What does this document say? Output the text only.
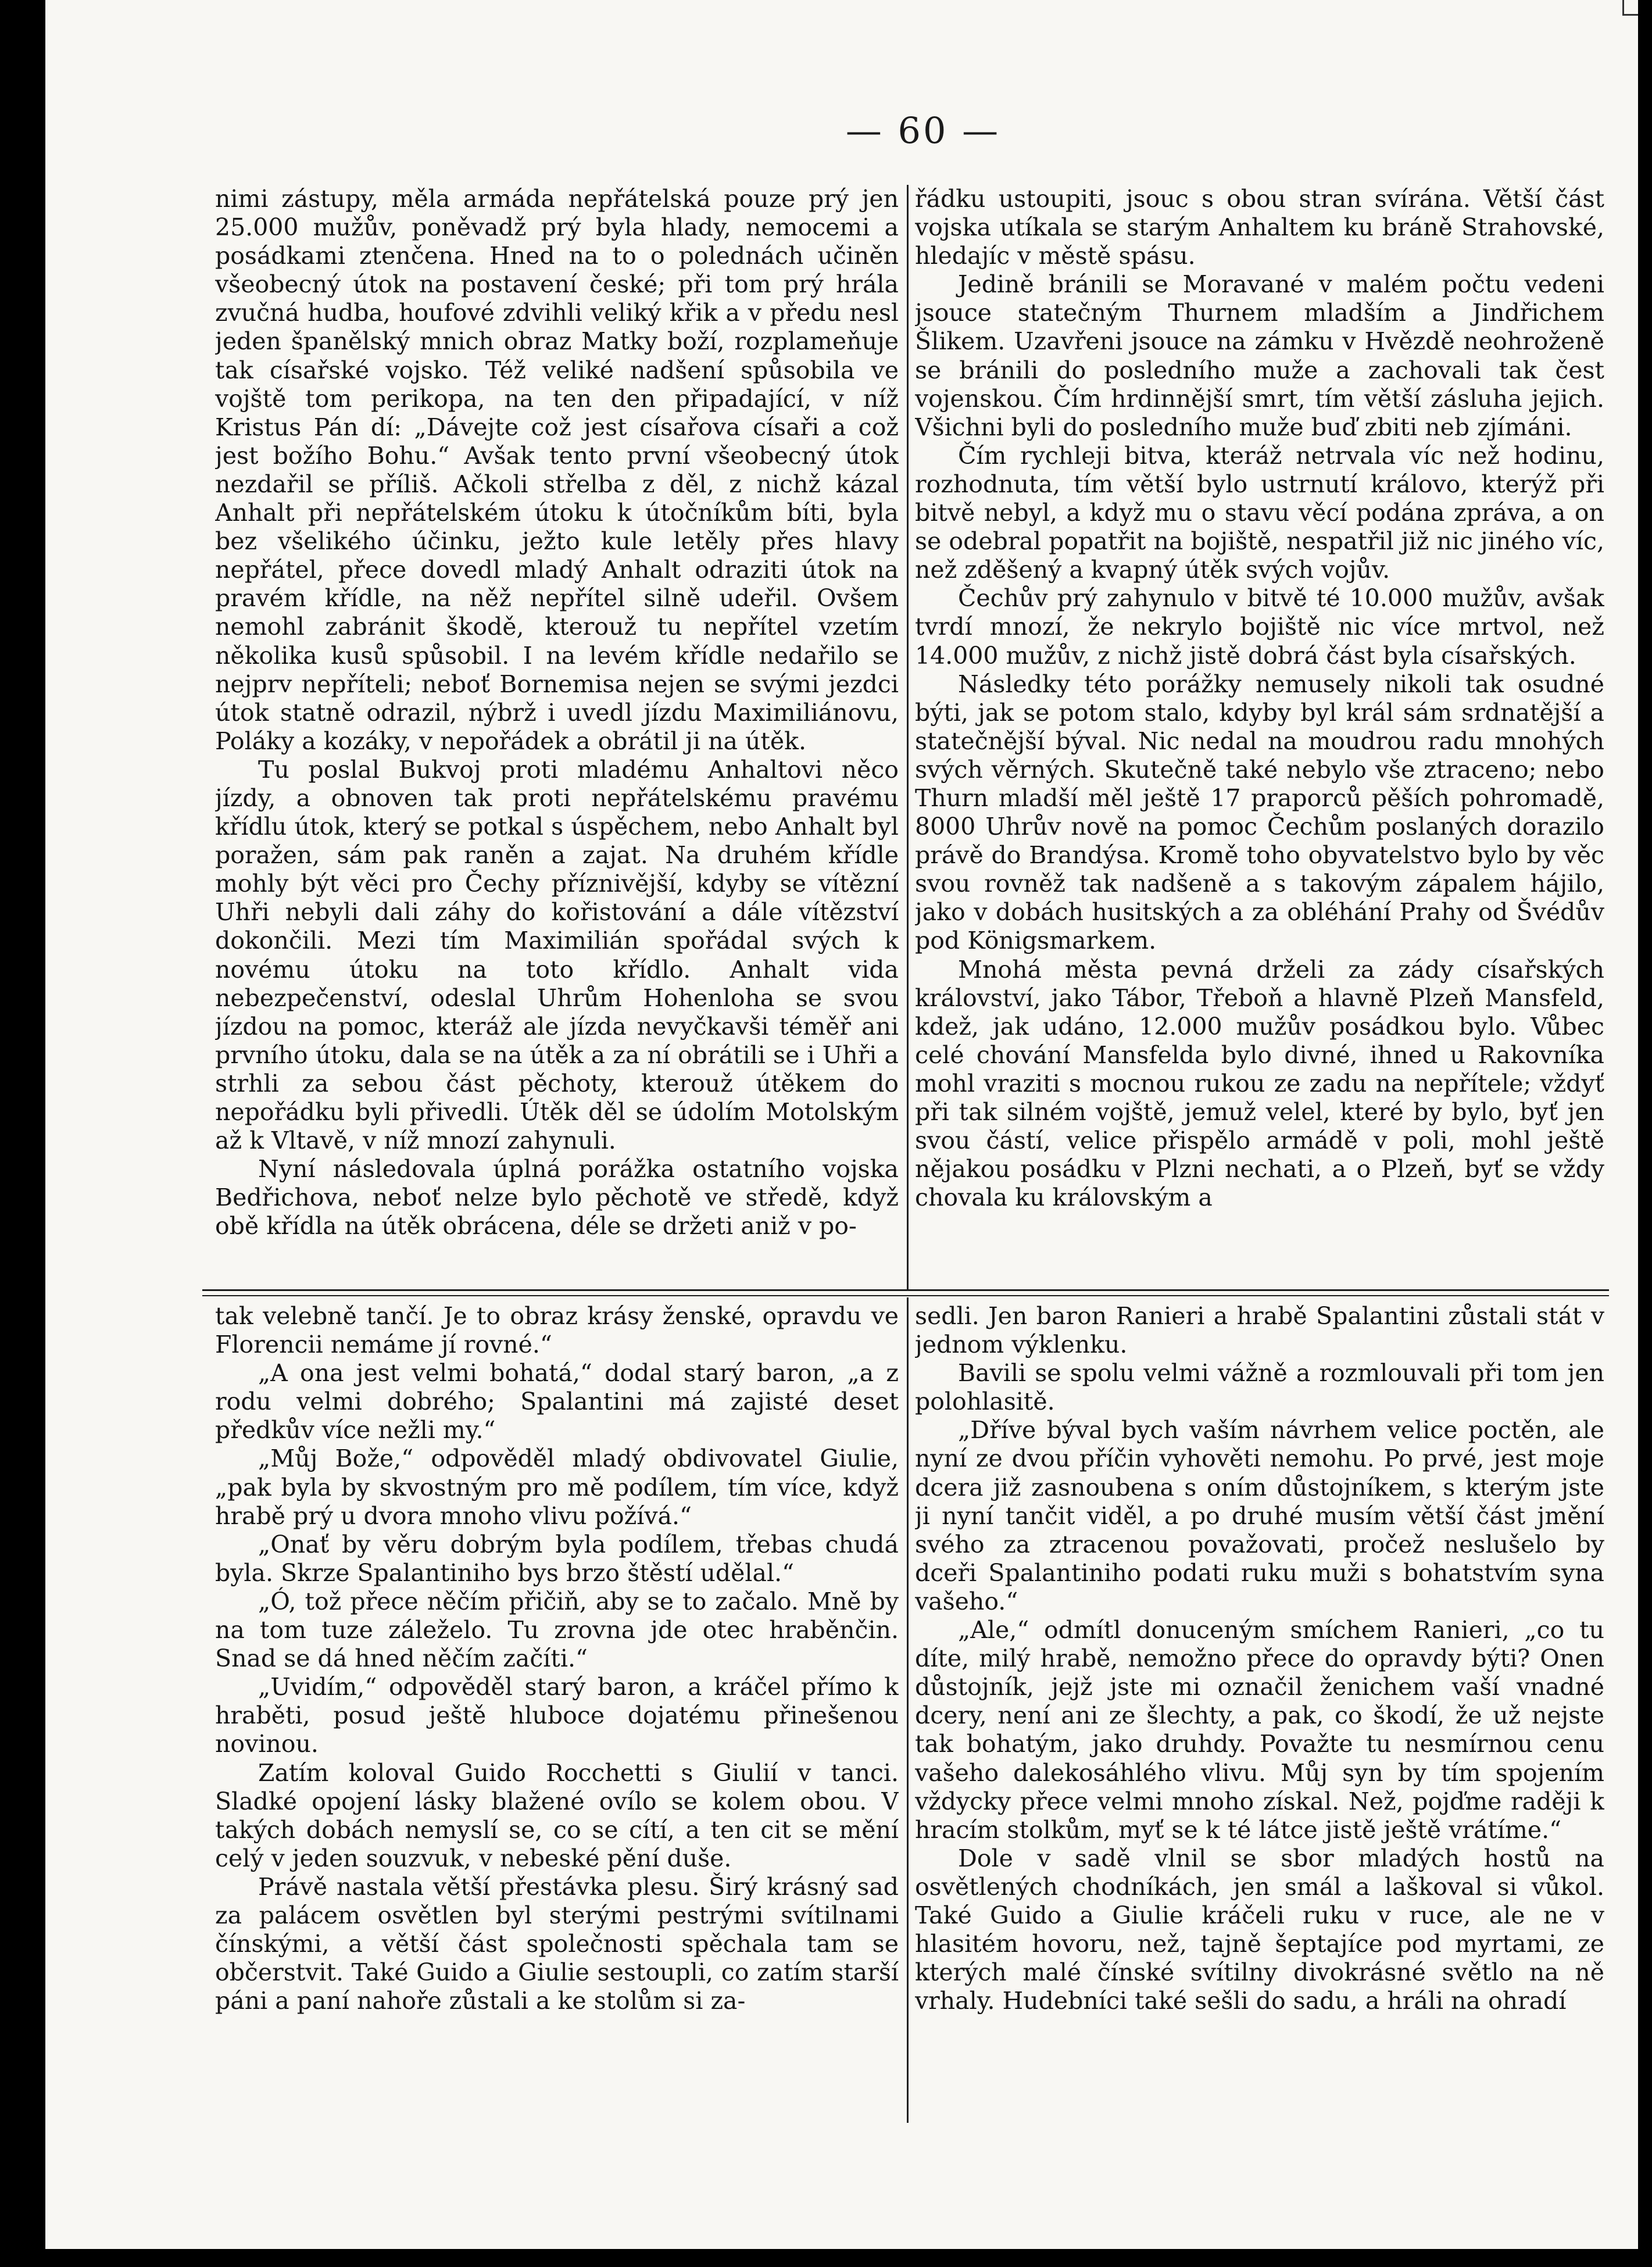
— 60 —

nimi zástupy, měla armáda nepřátelská pouze prý jen 25.000 mužův, poněvadž prý byla hlady, nemocemi a posádkami ztenčena. Hned na to o polednách učiněn všeobecný útok na postavení české; při tom prý hrála zvučná hudba, houfové zdvihli veliký křik a v předu nesl jeden španělský mnich obraz Matky boží, rozplameňuje tak císařské vojsko. Též veliké nadšení spůsobila ve vojště tom perikopa, na ten den připadající, v níž Kristus Pán dí: „Dávejte což jest císařova císaři a což jest božího Bohu.“ Avšak tento první všeobecný útok nezdařil se příliš. Ačkoli střelba z děl, z nichž kázal Anhalt při nepřátelském útoku k útočníkům bíti, byla bez všelikého účinku, ježto kule letěly přes hlavy nepřátel, přece dovedl mladý Anhalt odraziti útok na pravém křídle, na něž nepřítel silně udeřil. Ovšem nemohl zabránit škodě, kterouž tu nepřítel vzetím několika kusů spůsobil. I na levém křídle nedařilo se nejprv nepříteli; neboť Bornemisa nejen se svými jezdci útok statně odrazil, nýbrž i uvedl jízdu Maximiliánovu, Poláky a kozáky, v nepořádek a obrátil ji na útěk.

Tu poslal Bukvoj proti mladému Anhaltovi něco jízdy, a obnoven tak proti nepřátelskému pravému křídlu útok, který se potkal s úspěchem, nebo Anhalt byl poražen, sám pak raněn a zajat. Na druhém křídle mohly být věci pro Čechy příznivější, kdyby se vítězní Uhři nebyli dali záhy do kořistování a dále vítězství dokončili. Mezi tím Maximilián spořádal svých k novému útoku na toto křídlo. Anhalt vida nebezpečenství, odeslal Uhrům Hohenloha se svou jízdou na pomoc, kteráž ale jízda nevyčkavši téměř ani prvního útoku, dala se na útěk a za ní obrátili se i Uhři a strhli za sebou část pěchoty, kterouž útěkem do nepořádku byli přivedli. Útěk děl se údolím Motolským až k Vltavě, v níž mnozí zahynuli.

Nyní následovala úplná porážka ostatního vojska Bedřichova, neboť nelze bylo pěchotě ve středě, když obě křídla na útěk obrácena, déle se držeti aniž v po-

řádku ustoupiti, jsouc s obou stran svírána. Větší část vojska utíkala se starým Anhaltem ku bráně Strahovské, hledajíc v městě spásu.

Jedině bránili se Moravané v malém počtu vedeni jsouce statečným Thurnem mladším a Jindřichem Šlikem. Uzavřeni jsouce na zámku v Hvězdě neohroženě se bránili do posledního muže a zachovali tak čest vojenskou. Čím hrdinnější smrt, tím větší zásluha jejich. Všichni byli do posledního muže buď zbiti neb zjímáni.

Čím rychleji bitva, kteráž netrvala víc než hodinu, rozhodnuta, tím větší bylo ustrnutí královo, kterýž při bitvě nebyl, a když mu o stavu věcí podána zpráva, a on se odebral popatřit na bojiště, nespatřil již nic jiného víc, než zděšený a kvapný útěk svých vojův.

Čechův prý zahynulo v bitvě té 10.000 mužův, avšak tvrdí mnozí, že nekrylo bojiště nic více mrtvol, než 14.000 mužův, z nichž jistě dobrá část byla císařských.

Následky této porážky nemusely nikoli tak osudné býti, jak se potom stalo, kdyby byl král sám srdnatější a statečnější býval. Nic nedal na moudrou radu mnohých svých věrných. Skutečně také nebylo vše ztraceno; nebo Thurn mladší měl ještě 17 praporců pěších pohromadě, 8000 Uhrův nově na pomoc Čechům poslaných dorazilo právě do Brandýsa. Kromě toho obyvatelstvo bylo by věc svou rovněž tak nadšeně a s takovým zápalem hájilo, jako v dobách husitských a za obléhání Prahy od Švédův pod Königsmarkem.

Mnohá města pevná drželi za zády císařských království, jako Tábor, Třeboň a hlavně Plzeň Mansfeld, kdež, jak udáno, 12.000 mužův posádkou bylo. Vůbec celé chování Mansfelda bylo divné, ihned u Rakovníka mohl vraziti s mocnou rukou ze zadu na nepřítele; vždyť při tak silném vojště, jemuž velel, které by bylo, byť jen svou částí, velice přispělo armádě v poli, mohl ještě nějakou posádku v Plzni nechati, a o Plzeň, byť se vždy chovala ku královským a

tak velebně tančí. Je to obraz krásy ženské, opravdu ve Florencii nemáme jí rovné.“

„A ona jest velmi bohatá,“ dodal starý baron, „a z rodu velmi dobrého; Spalantini má zajisté deset předkův více nežli my.“

„Můj Bože,“ odpověděl mladý obdivovatel Giulie, „pak byla by skvostným pro mě podílem, tím více, když hrabě prý u dvora mnoho vlivu požívá.“

„Onať by věru dobrým byla podílem, třebas chudá byla. Skrze Spalantiniho bys brzo štěstí udělal.“

„Ó, tož přece něčím přičiň, aby se to začalo. Mně by na tom tuze záleželo. Tu zrovna jde otec hraběnčin. Snad se dá hned něčím začíti.“

„Uvidím,“ odpověděl starý baron, a kráčel přímo k hraběti, posud ještě hluboce dojatému přinešenou novinou.

Zatím koloval Guido Rocchetti s Giulií v tanci. Sladké opojení lásky blažené ovílo se kolem obou. V takých dobách nemyslí se, co se cítí, a ten cit se mění celý v jeden souzvuk, v nebeské pění duše.

Právě nastala větší přestávka plesu. Širý krásný sad za palácem osvětlen byl sterými pestrými svítilnami čínskými, a větší část společnosti spěchala tam se občerstvit. Také Guido a Giulie sestoupli, co zatím starší páni a paní nahoře zůstali a ke stolům si za-

sedli. Jen baron Ranieri a hrabě Spalantini zůstali stát v jednom výklenku.

Bavili se spolu velmi vážně a rozmlouvali při tom jen polohlasitě.

„Dříve býval bych vaším návrhem velice poctěn, ale nyní ze dvou příčin vyhověti nemohu. Po prvé, jest moje dcera již zasnoubena s oním důstojníkem, s kterým jste ji nyní tančit viděl, a po druhé musím větší část jmění svého za ztracenou považovati, pročež neslušelo by dceři Spalantiniho podati ruku muži s bohatstvím syna vašeho.“

„Ale,“ odmítl donuceným smíchem Ranieri, „co tu díte, milý hrabě, nemožno přece do opravdy býti? Onen důstojník, jejž jste mi označil ženichem vaší vnadné dcery, není ani ze šlechty, a pak, co škodí, že už nejste tak bohatým, jako druhdy. Považte tu nesmírnou cenu vašeho dalekosáhlého vlivu. Můj syn by tím spojením vždycky přece velmi mnoho získal. Než, pojďme raději k hracím stolkům, myť se k té látce jistě ještě vrátíme.“

Dole v sadě vlnil se sbor mladých hostů na osvětlených chodníkách, jen smál a laškoval si vůkol. Také Guido a Giulie kráčeli ruku v ruce, ale ne v hlasitém hovoru, než, tajně šeptajíce pod myrtami, ze kterých malé čínské svítilny divokrásné světlo na ně vrhaly. Hudebníci také sešli do sadu, a hráli na ohradí
